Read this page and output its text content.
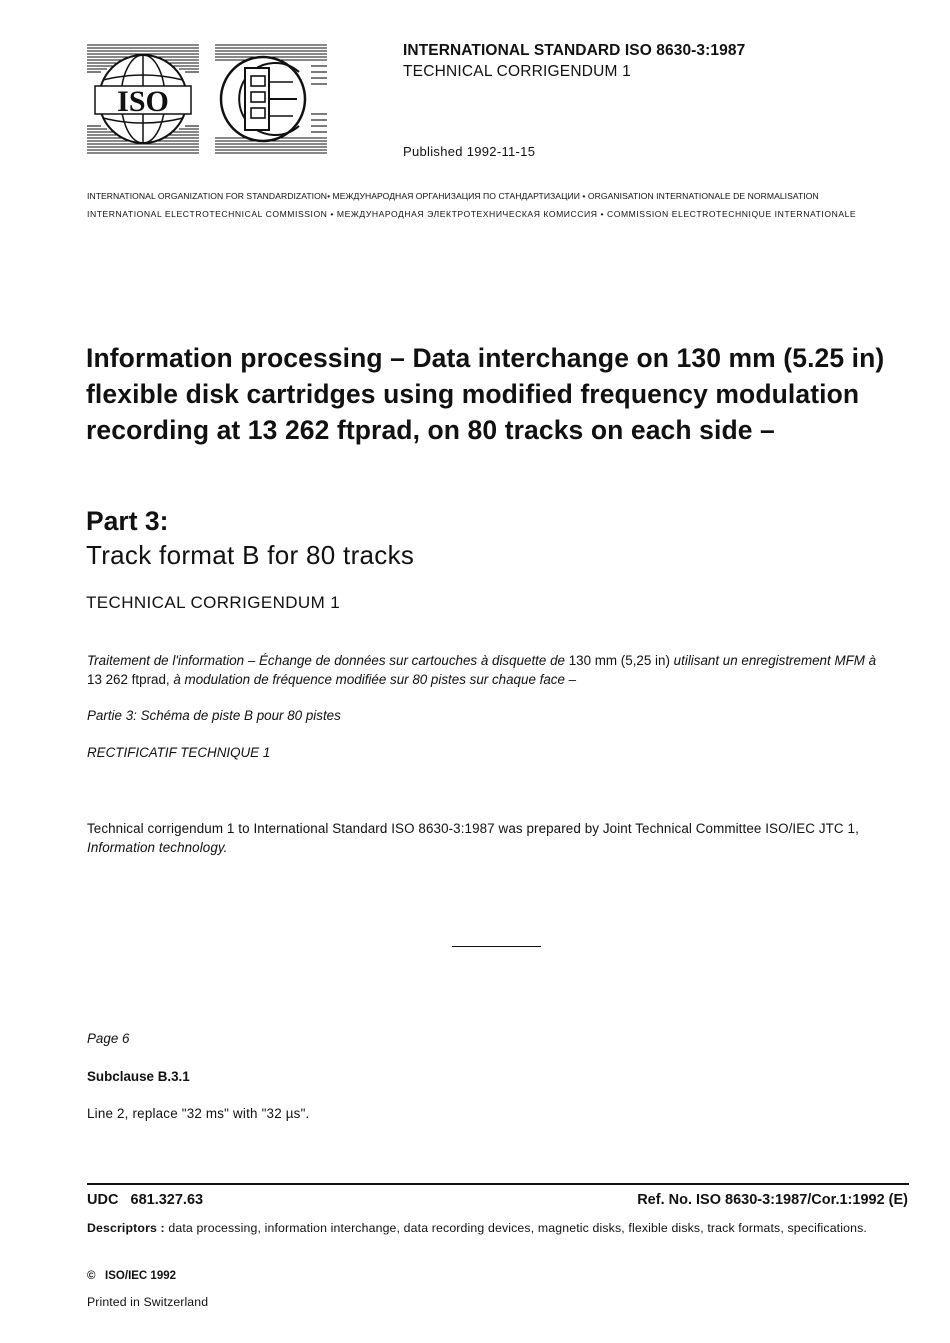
ISO
INTERNATIONAL STANDARD ISO 8630-3:1987
TECHNICAL CORRIGENDUM 1
Published 1992-11-15
INTERNATIONAL ORGANIZATION FOR STANDARDIZATION• МЕЖДУНАРОДНАЯ ОРГАНИЗАЦИЯ ПО СТАНДАРТИЗАЦИИ • ORGANISATION INTERNATIONALE DE NORMALISATION
INTERNATIONAL ELECTROTECHNICAL COMMISSION • МЕЖДУНАРОДНАЯ ЭЛЕКТРОТЕХНИЧЕСКАЯ КОМИССИЯ • COMMISSION ELECTROTECHNIQUE INTERNATIONALE
Information processing – Data interchange on 130 mm (5.25 in) flexible disk cartridges using modified frequency modulation recording at 13 262 ftprad, on 80 tracks on each side –
Part 3:
Track format B for 80 tracks
TECHNICAL CORRIGENDUM 1
Traitement de l'information – Échange de données sur cartouches à disquette de 130 mm (5,25 in) utilisant un enregistrement MFM à 13 262 ftprad, à modulation de fréquence modifiée sur 80 pistes sur chaque face –
Partie 3: Schéma de piste B pour 80 pistes
RECTIFICATIF TECHNIQUE 1
Technical corrigendum 1 to International Standard ISO 8630-3:1987 was prepared by Joint Technical Committee ISO/IEC JTC 1, Information technology.
Page 6
Subclause B.3.1
Line 2, replace "32 ms" with "32 µs".
UDC   681.327.63	Ref. No. ISO 8630-3:1987/Cor.1:1992 (E)
Descriptors : data processing, information interchange, data recording devices, magnetic disks, flexible disks, track formats, specifications.
©   ISO/IEC 1992
Printed in Switzerland
